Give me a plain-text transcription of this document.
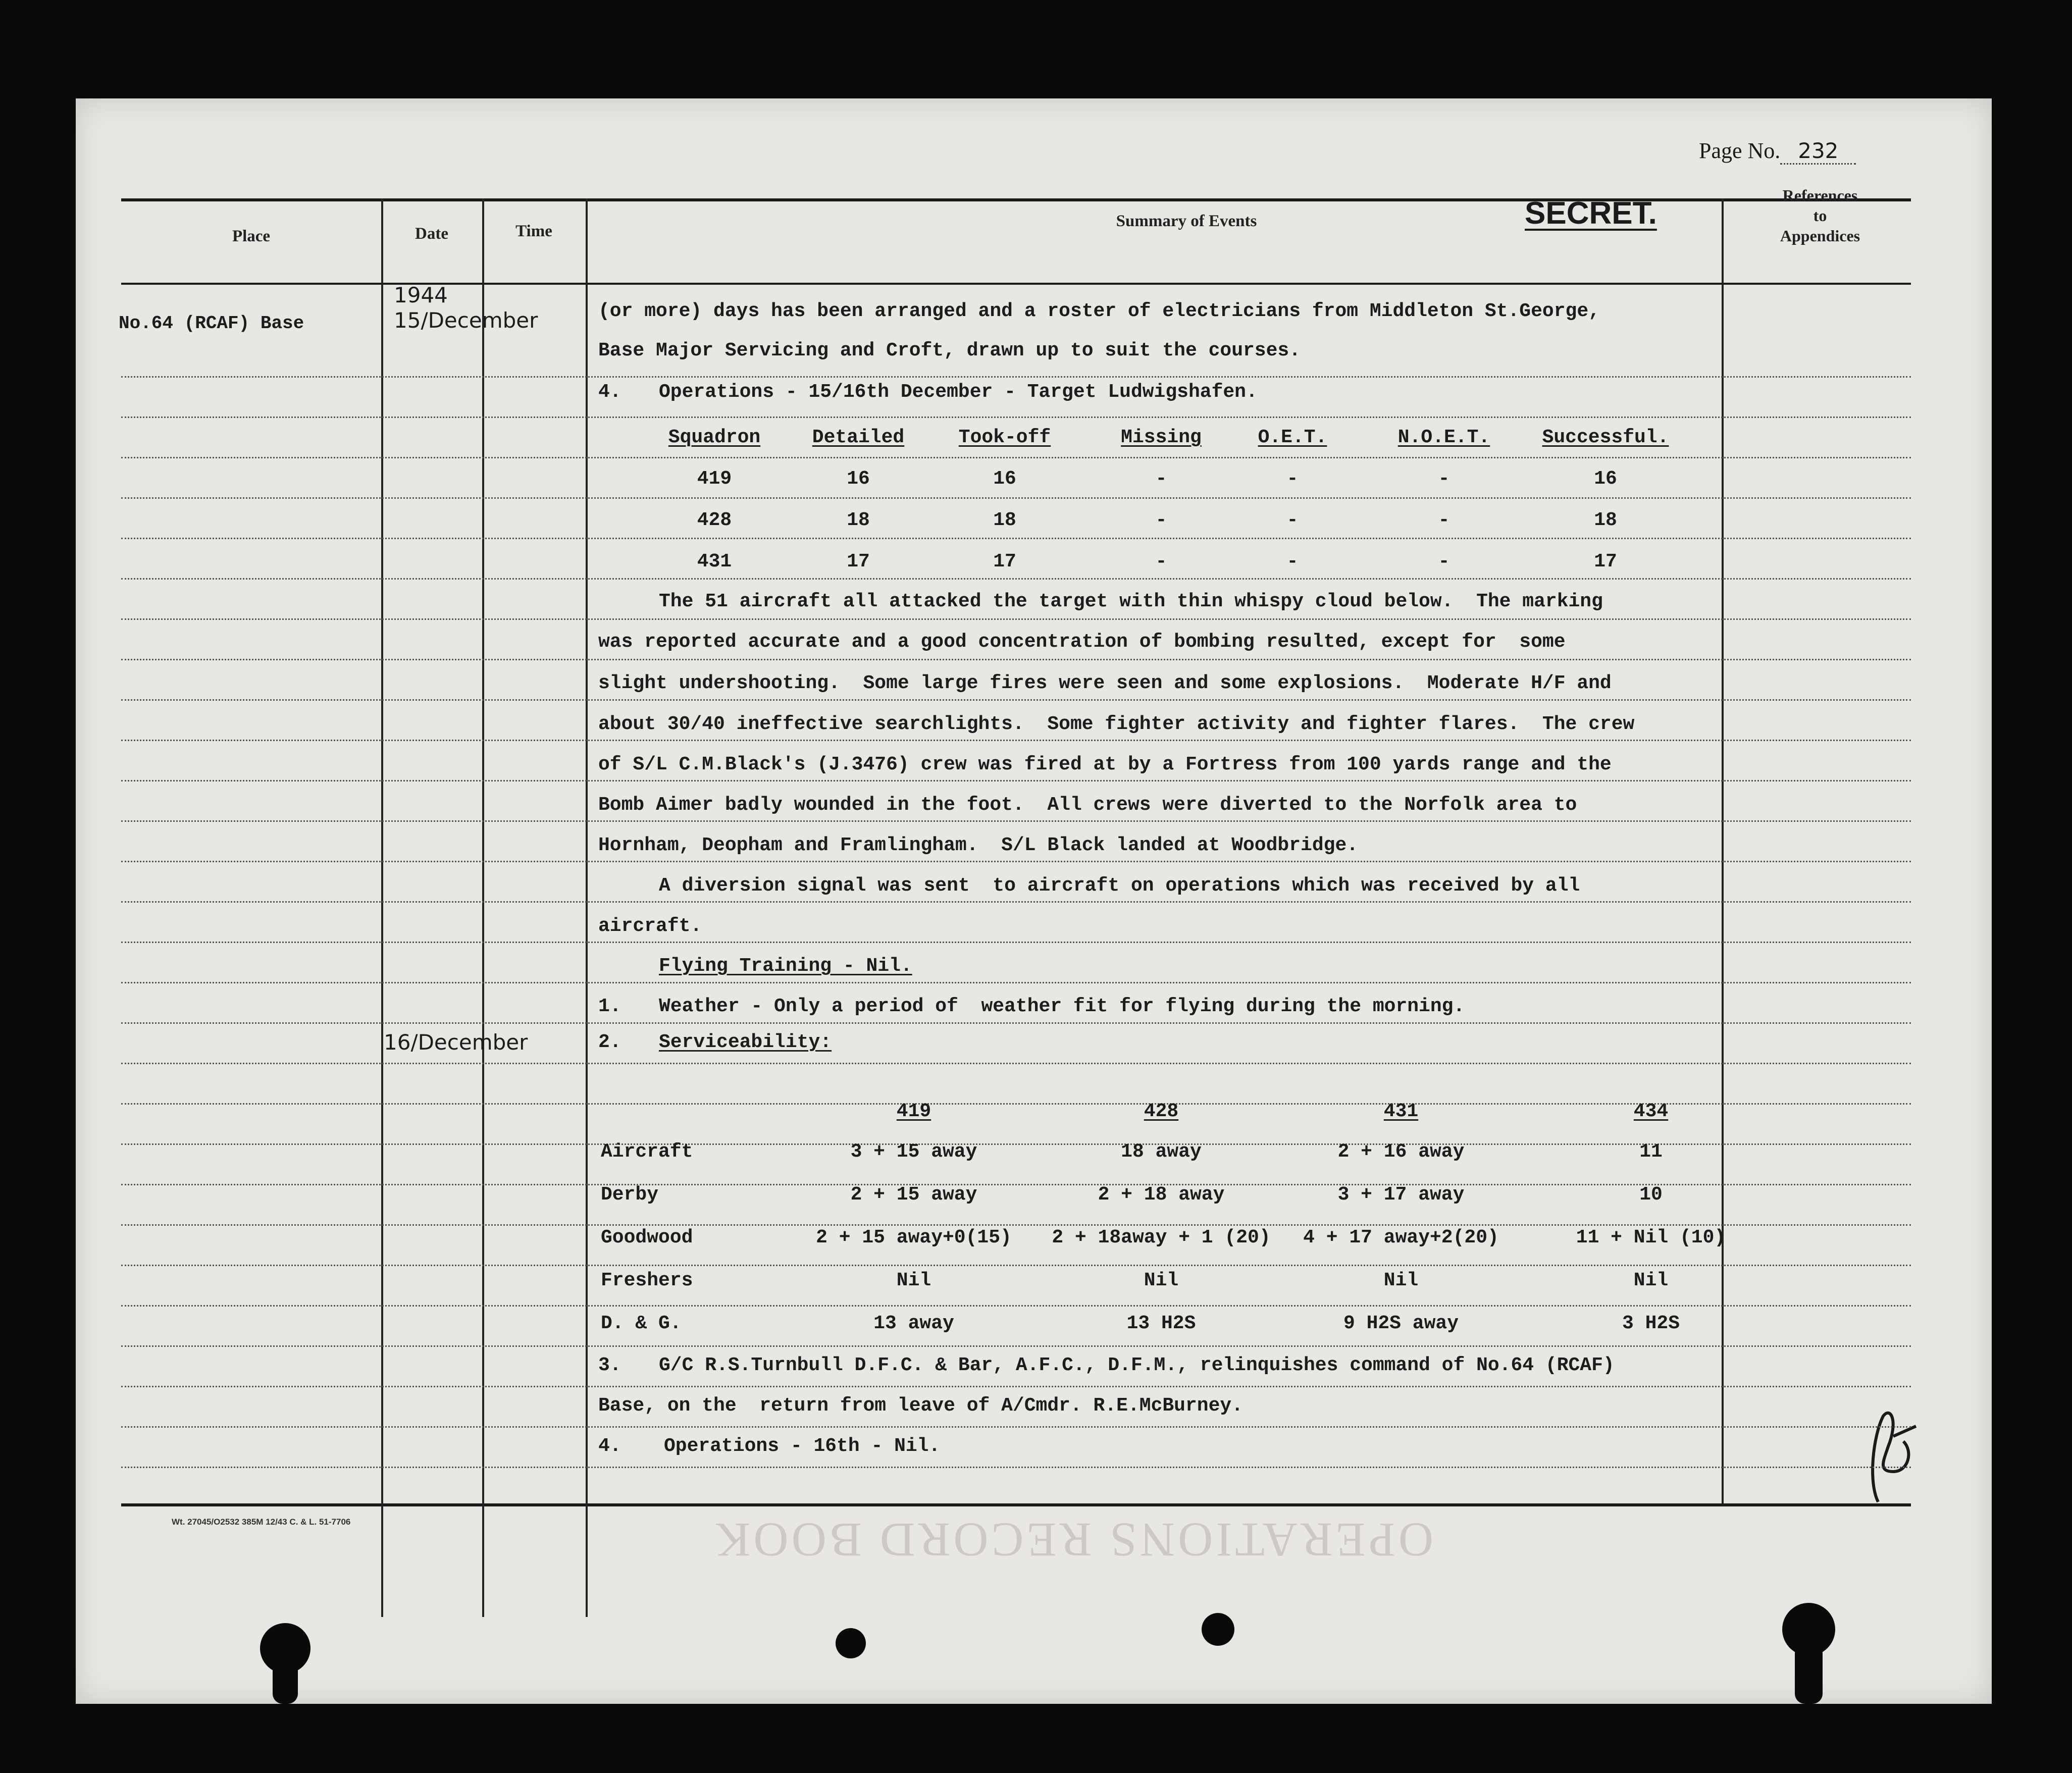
Page No. 232
Place	Date	Time
Summary of Events	SECRET.
References
to
Appendices
No.64 (RCAF) Base
1944
15/December
16/December
(or more) days has been arranged and a roster of electricians from Middleton St.George,
Base Major Servicing and Croft, drawn up to suit the courses.
4. Operations - 15/16th December - Target Ludwigshafen.
The 51 aircraft all attacked the target with thin whispy cloud below.  The marking
was reported accurate and a good concentration of bombing resulted, except for  some
slight undershooting.  Some large fires were seen and some explosions.  Moderate H/F and
about 30/40 ineffective searchlights.  Some fighter activity and fighter flares.  The crew
of S/L C.M.Black's (J.3476) crew was fired at by a Fortress from 100 yards range and the
Bomb Aimer badly wounded in the foot.  All crews were diverted to the Norfolk area to
Hornham, Deopham and Framlingham.  S/L Black landed at Woodbridge.
A diversion signal was sent  to aircraft on operations which was received by all
aircraft.
Flying Training - Nil.
1. Weather - Only a period of  weather fit for flying during the morning.
2. Serviceability:
3. G/C R.S.Turnbull D.F.C. & Bar, A.F.C., D.F.M., relinquishes command of No.64 (RCAF)
Base, on the  return from leave of A/Cmdr. R.E.McBurney.
4. Operations - 16th - Nil.
Wt. 27045/O2532 385M 12/43 C. & L. 51-7706	OPERATIONS RECORD BOOK
Squadron	Detailed	Took-off	Missing	O.E.T.	N.O.E.T.	Successful.
419	16	16	-	-	-	16
428	18	18	-	-	-	18
431	17	17	-	-	-	17
419	428	431	434
Aircraft	3 + 15 away	18 away	2 + 16 away	11
Derby	2 + 15 away	2 + 18 away	3 + 17 away	10
Goodwood	2 + 15 away+0(15)	2 + 18away + 1 (20)	4 + 17 away+2(20)	11 + Nil (10)
Freshers	Nil	Nil	Nil	Nil
D. & G.	13 away	13 H2S	9 H2S away	3 H2S
